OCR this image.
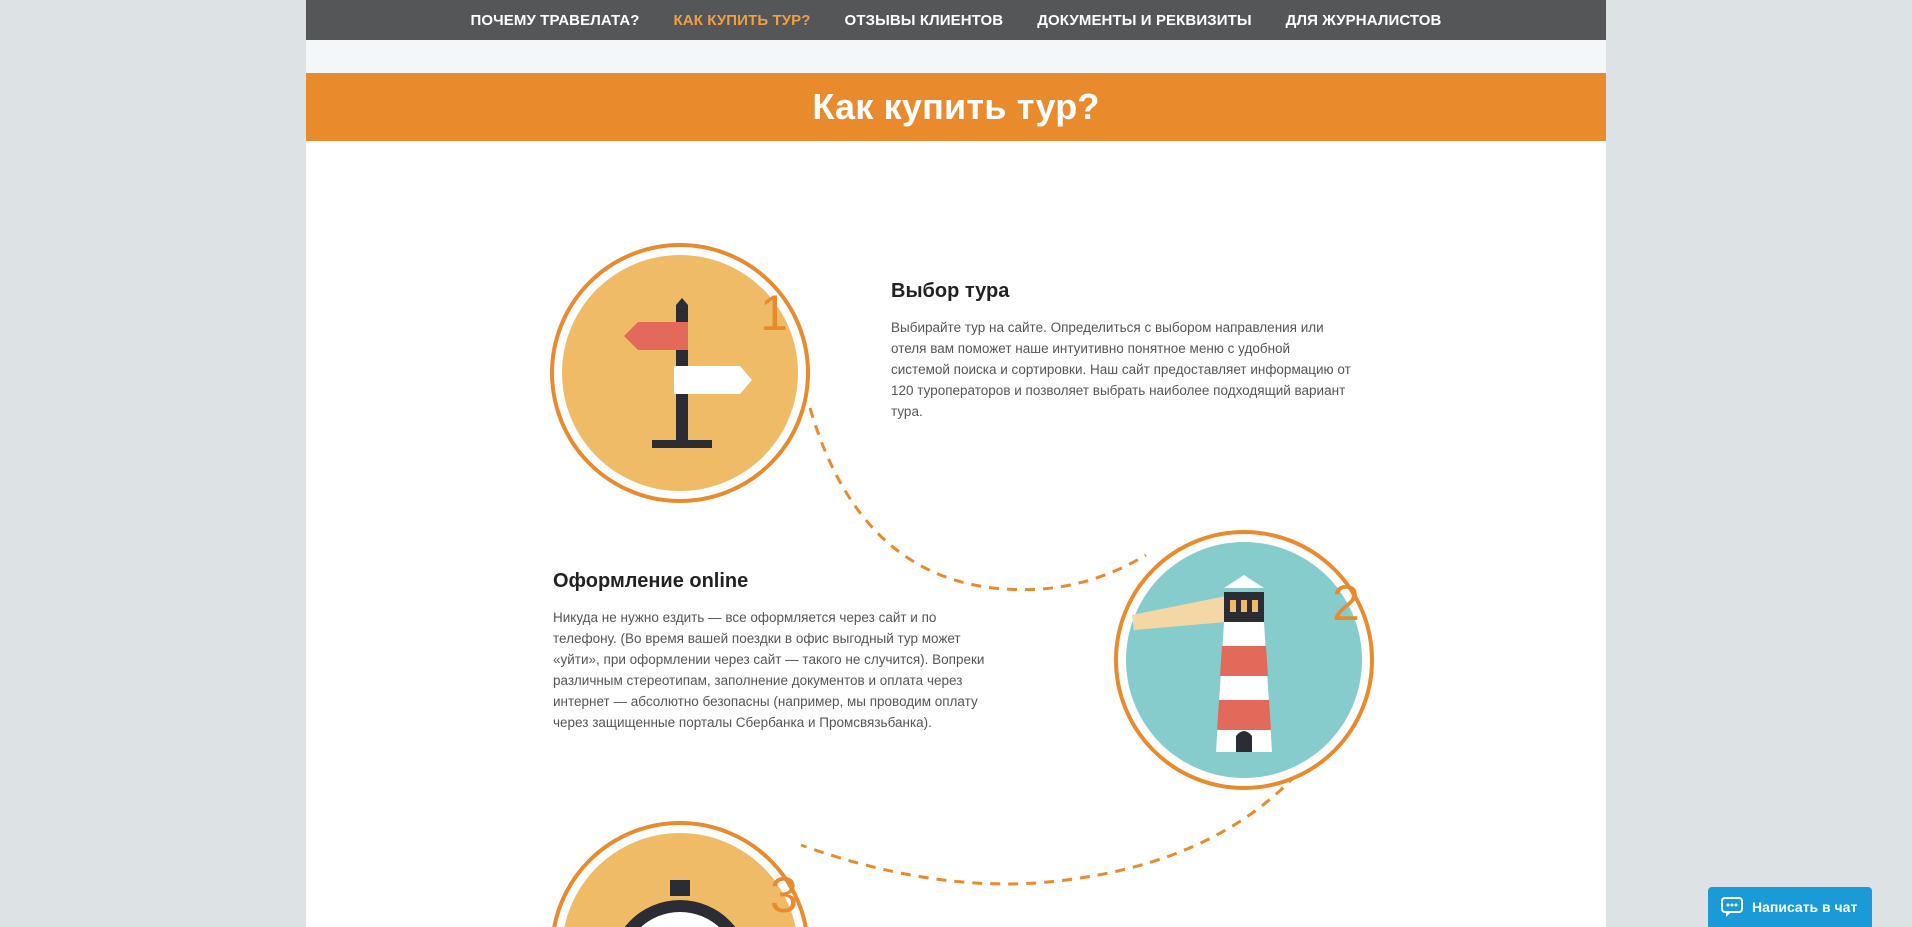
ПОЧЕМУ ТРАВЕЛАТА? КАК КУПИТЬ ТУР? ОТЗЫВЫ КЛИЕНТОВ ДОКУМЕНТЫ И РЕКВИЗИТЫ ДЛЯ ЖУРНАЛИСТОВ
Как купить тур?
1
2
3
Выбор тура

Выбирайте тур на сайте. Определиться с выбором направления или отеля вам поможет наше интуитивно понятное меню с удобной системой поиска и сортировки. Наш сайт предоставляет информацию от 120 туроператоров и позволяет выбрать наиболее подходящий вариант тура.

Оформление online

Никуда не нужно ездить — все оформляется через сайт и по телефону. (Во время вашей поездки в офис выгодный тур может «уйти», при оформлении через сайт — такого не случится). Вопреки различным стереотипам, заполнение документов и оплата через интернет — абсолютно безопасны (например, мы проводим оплату через защищенные порталы Сбербанка и Промсвязьбанка).

Написать в чат
